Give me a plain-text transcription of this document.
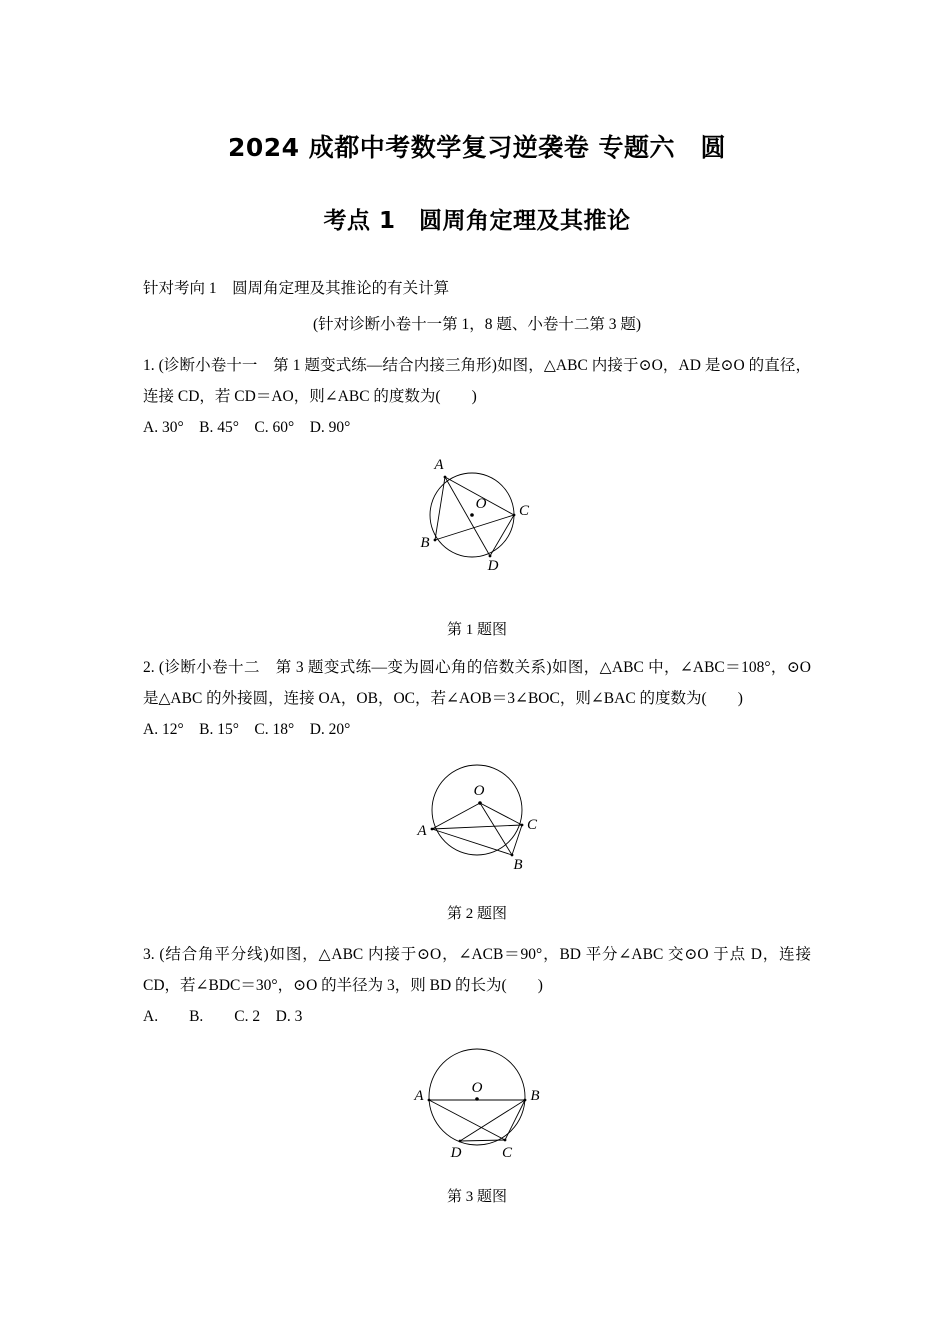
2024 成都中考数学复习逆袭卷 专题六　圆
考点 1　圆周角定理及其推论

针对考向 1　圆周角定理及其推论的有关计算

(针对诊断小卷十一第 1，8 题、小卷十二第 3 题)

1. (诊断小卷十一　第 1 题变式练—结合内接三角形)如图，△ABC 内接于⊙O，AD 是⊙O 的直径，连接 CD，若 CD＝AO，则∠ABC 的度数为(　　)

A. 30°　B. 45°　C. 60°　D. 90°

A
C
B
D
O

第 1 题图

2. (诊断小卷十二　第 3 题变式练—变为圆心角的倍数关系)如图，△ABC 中，∠ABC＝108°，⊙O 是△ABC 的外接圆，连接 OA，OB，OC，若∠AOB＝3∠BOC，则∠BAC 的度数为(　　)

A. 12°　B. 15°　C. 18°　D. 20°

A	C
B
O

第 2 题图

3. (结合角平分线)如图，△ABC 内接于⊙O，∠ACB＝90°，BD 平分∠ABC 交⊙O 于点 D，连接 CD，若∠BDC＝30°，⊙O 的半径为 3，则 BD 的长为(　　)

A.　　B.　　C. 2　D. 3

A	B
D	C
O

第 3 题图
